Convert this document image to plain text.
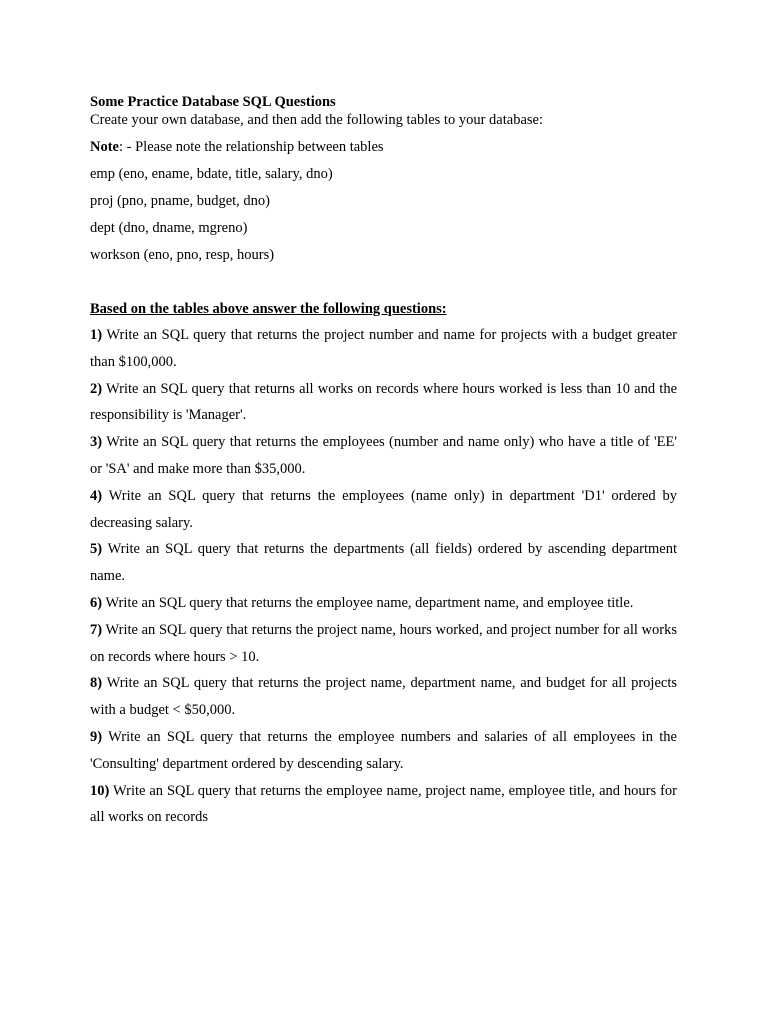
Some Practice Database SQL Questions
Create your own database, and then add the following tables to your database:
Note: - Please note the relationship between tables
emp (eno, ename, bdate, title, salary, dno)
proj (pno, pname, budget, dno)
dept (dno, dname, mgreno)
workson (eno, pno, resp, hours)
Based on the tables above answer the following questions:
1) Write an SQL query that returns the project number and name for projects with a budget greater than $100,000.
2) Write an SQL query that returns all works on records where hours worked is less than 10 and the responsibility is 'Manager'.
3) Write an SQL query that returns the employees (number and name only) who have a title of 'EE' or 'SA' and make more than $35,000.
4) Write an SQL query that returns the employees (name only) in department 'D1' ordered by decreasing salary.
5) Write an SQL query that returns the departments (all fields) ordered by ascending department name.
6) Write an SQL query that returns the employee name, department name, and employee title.
7) Write an SQL query that returns the project name, hours worked, and project number for all works on records where hours > 10.
8) Write an SQL query that returns the project name, department name, and budget for all projects with a budget < $50,000.
9) Write an SQL query that returns the employee numbers and salaries of all employees in the 'Consulting' department ordered by descending salary.
10) Write an SQL query that returns the employee name, project name, employee title, and hours for all works on records
